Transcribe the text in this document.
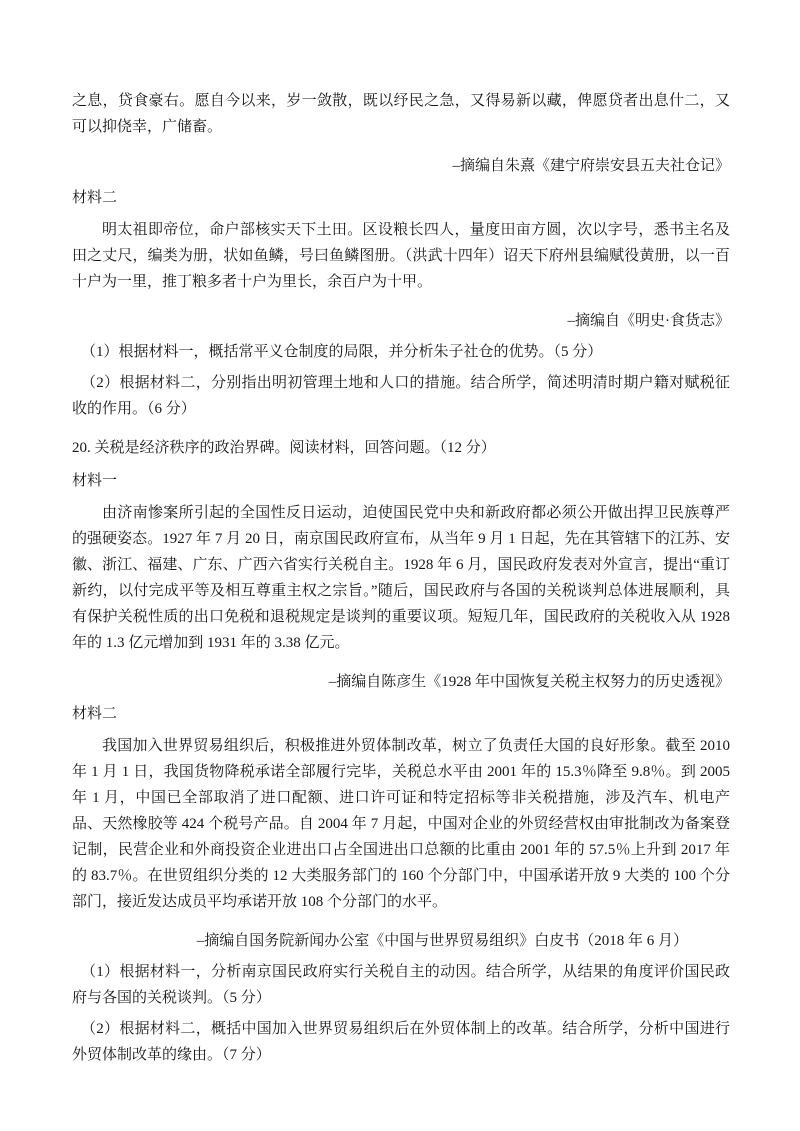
之息，贷食豪右。愿自今以来，岁一敛散，既以纾民之急，又得易新以藏，俾愿贷者出息什二，又可以抑侥幸，广储畜。

–摘编自朱熹《建宁府崇安县五夫社仓记》

材料二

明太祖即帝位，命户部核实天下土田。区设粮长四人，量度田亩方圆，次以字号，悉书主名及田之丈尺，编类为册，状如鱼鳞，号曰鱼鳞图册。（洪武十四年）诏天下府州县编赋役黄册，以一百十户为一里，推丁粮多者十户为里长，余百户为十甲。

–摘编自《明史·食货志》

（1）根据材料一，概括常平义仓制度的局限，并分析朱子社仓的优势。（5 分）

（2）根据材料二，分别指出明初管理土地和人口的措施。结合所学，简述明清时期户籍对赋税征收的作用。（6 分）

20. 关税是经济秩序的政治界碑。阅读材料，回答问题。（12 分）

材料一

由济南惨案所引起的全国性反日运动，迫使国民党中央和新政府都必须公开做出捍卫民族尊严的强硬姿态。1927 年 7 月 20 日，南京国民政府宣布，从当年 9 月 1 日起，先在其管辖下的江苏、安徽、浙江、福建、广东、广西六省实行关税自主。1928 年 6 月，国民政府发表对外宣言，提出“重订新约，以付完成平等及相互尊重主权之宗旨。”随后，国民政府与各国的关税谈判总体进展顺利，具有保护关税性质的出口免税和退税规定是谈判的重要议项。短短几年，国民政府的关税收入从 1928 年的 1.3 亿元增加到 1931 年的 3.38 亿元。

–摘编自陈彦生《1928 年中国恢复关税主权努力的历史透视》

材料二

我国加入世界贸易组织后，积极推进外贸体制改革，树立了负责任大国的良好形象。截至 2010 年 1 月 1 日，我国货物降税承诺全部履行完毕，关税总水平由 2001 年的 15.3％降至 9.8％。到 2005 年 1 月，中国已全部取消了进口配额、进口许可证和特定招标等非关税措施，涉及汽车、机电产品、天然橡胶等 424 个税号产品。自 2004 年 7 月起，中国对企业的外贸经营权由审批制改为备案登记制，民营企业和外商投资企业进出口占全国进出口总额的比重由 2001 年的 57.5％上升到 2017 年的 83.7％。在世贸组织分类的 12 大类服务部门的 160 个分部门中，中国承诺开放 9 大类的 100 个分部门，接近发达成员平均承诺开放 108 个分部门的水平。

–摘编自国务院新闻办公室《中国与世界贸易组织》白皮书（2018 年 6 月）

（1）根据材料一，分析南京国民政府实行关税自主的动因。结合所学，从结果的角度评价国民政府与各国的关税谈判。（5 分）

（2）根据材料二，概括中国加入世界贸易组织后在外贸体制上的改革。结合所学，分析中国进行外贸体制改革的缘由。（7 分）
